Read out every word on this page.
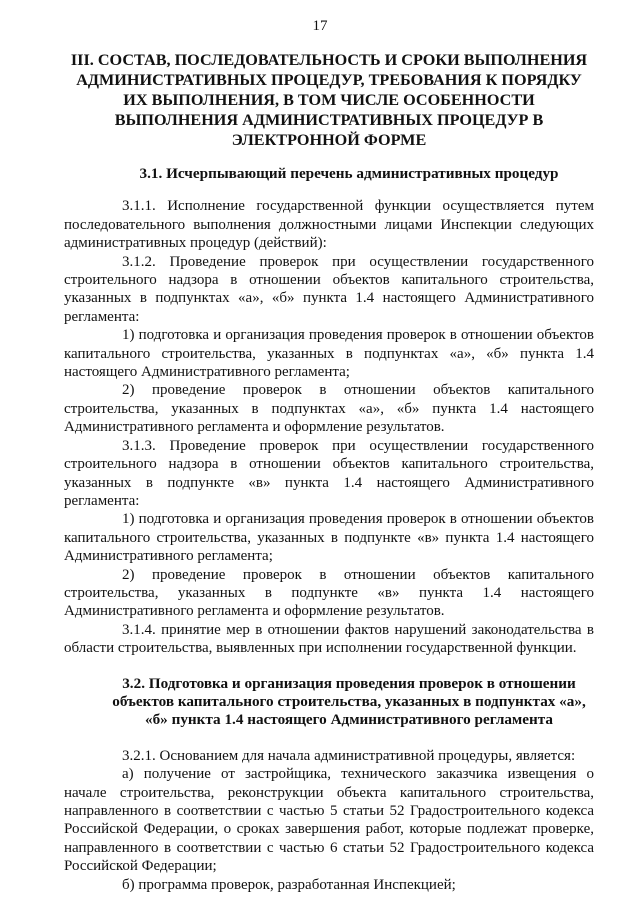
17
III. СОСТАВ, ПОСЛЕДОВАТЕЛЬНОСТЬ И СРОКИ ВЫПОЛНЕНИЯ АДМИНИСТРАТИВНЫХ ПРОЦЕДУР, ТРЕБОВАНИЯ К ПОРЯДКУ ИХ ВЫПОЛНЕНИЯ, В ТОМ ЧИСЛЕ ОСОБЕННОСТИ ВЫПОЛНЕНИЯ АДМИНИСТРАТИВНЫХ ПРОЦЕДУР В ЭЛЕКТРОННОЙ ФОРМЕ
3.1. Исчерпывающий перечень административных процедур

3.1.1. Исполнение государственной функции осуществляется путем последовательного выполнения должностными лицами Инспекции следующих административных процедур (действий):

3.1.2. Проведение проверок при осуществлении государственного строительного надзора в отношении объектов капитального строительства, указанных в подпунктах «а», «б» пункта 1.4 настоящего Административного регламента:

1) подготовка и организация проведения проверок в отношении объектов капитального строительства, указанных в подпунктах «а», «б» пункта 1.4 настоящего Административного регламента;

2) проведение проверок в отношении объектов капитального строительства, указанных в подпунктах «а», «б» пункта 1.4 настоящего Административного регламента и оформление результатов.

3.1.3. Проведение проверок при осуществлении государственного строительного надзора в отношении объектов капитального строительства, указанных в подпункте «в» пункта 1.4 настоящего Административного регламента:

1) подготовка и организация проведения проверок в отношении объектов капитального строительства, указанных в подпункте «в» пункта 1.4 настоящего Административного регламента;

2) проведение проверок в отношении объектов капитального строительства, указанных в подпункте «в» пункта 1.4 настоящего Административного регламента и оформление результатов.

3.1.4. принятие мер в отношении фактов нарушений законодательства в области строительства, выявленных при исполнении государственной функции.

3.2. Подготовка и организация проведения проверок в отношении объектов капитального строительства, указанных в подпунктах «а», «б» пункта 1.4 настоящего Административного регламента

3.2.1. Основанием для начала административной процедуры, является:

а) получение от застройщика, технического заказчика извещения о начале строительства, реконструкции объекта капитального строительства, направленного в соответствии с частью 5 статьи 52 Градостроительного кодекса Российской Федерации, о сроках завершения работ, которые подлежат проверке, направленного в соответствии с частью 6 статьи 52 Градостроительного кодекса Российской Федерации;

б) программа проверок, разработанная Инспекцией;
